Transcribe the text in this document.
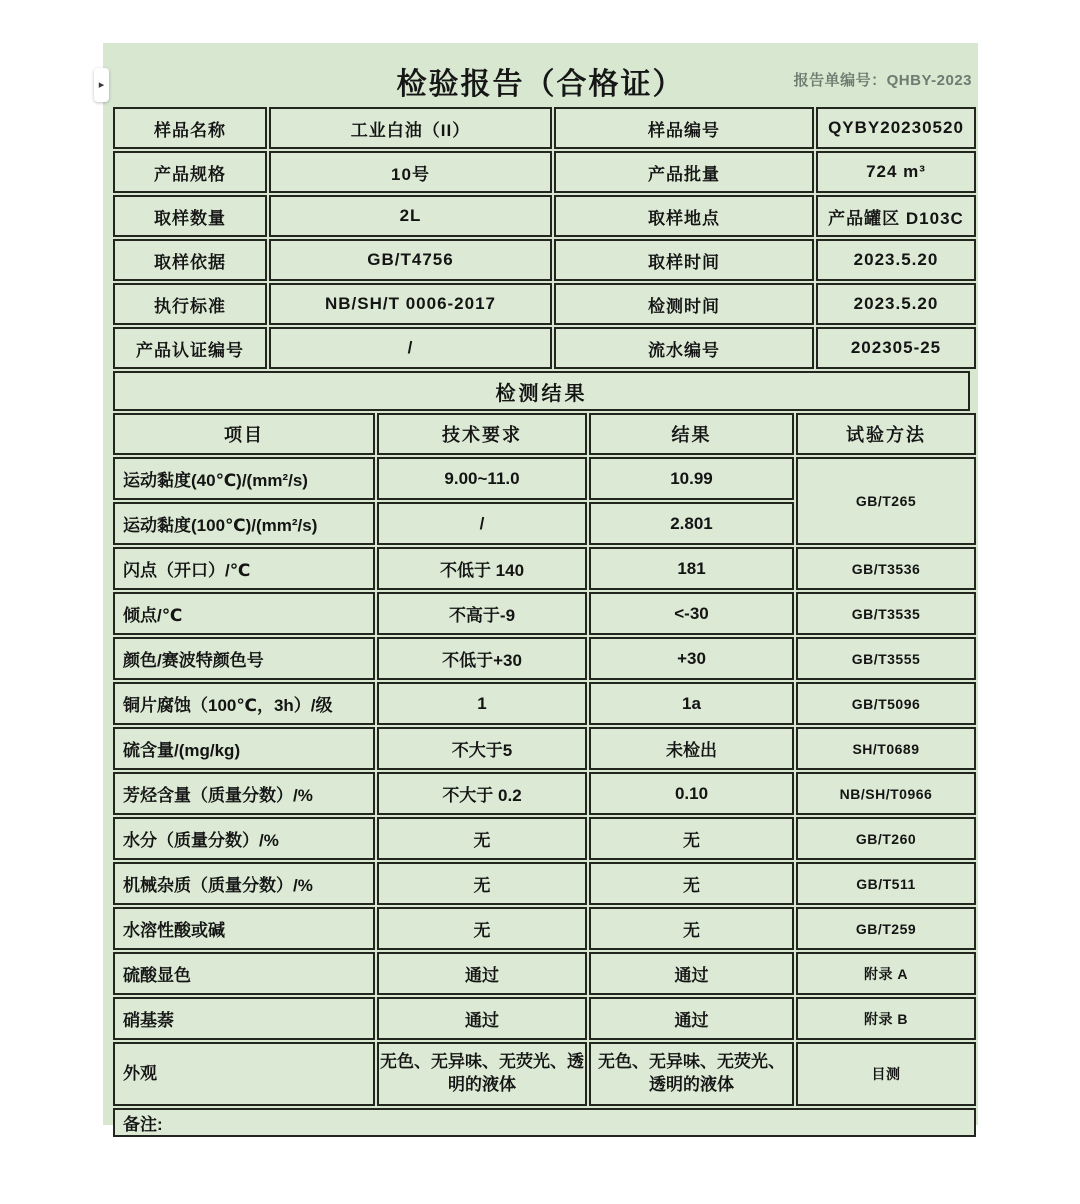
▸	检验报告（合格证）	报告单编号：QHBY-2023
样品名称	工业白油（II）	样品编号	QYBY20230520
产品规格	10号	产品批量	724 m³
取样数量	2L	取样地点	产品罐区 D103C
取样依据	GB/T4756	取样时间	2023.5.20
执行标准	NB/SH/T 0006-2017	检测时间	2023.5.20
产品认证编号	/	流水编号	202305-25
检测结果
项目	技术要求	结果	试验方法
运动黏度(40℃)/(mm²/s)	9.00~11.0	10.99	GB/T265
运动黏度(100℃)/(mm²/s)	/	2.801	
闪点（开口）/℃	不低于 140	181	GB/T3536
倾点/℃	不高于-9	<-30	GB/T3535
颜色/赛波特颜色号	不低于+30	+30	GB/T3555
铜片腐蚀（100℃，3h）/级	1	1a	GB/T5096
硫含量/(mg/kg)	不大于5	未检出	SH/T0689
芳烃含量（质量分数）/%	不大于 0.2	0.10	NB/SH/T0966
水分（质量分数）/%	无	无	GB/T260
机械杂质（质量分数）/%	无	无	GB/T511
水溶性酸或碱	无	无	GB/T259
硫酸显色	通过	通过	附录 A
硝基萘	通过	通过	附录 B
外观	无色、无异味、无荧光、透明的液体	无色、无异味、无荧光、透明的液体	目测
备注:			
